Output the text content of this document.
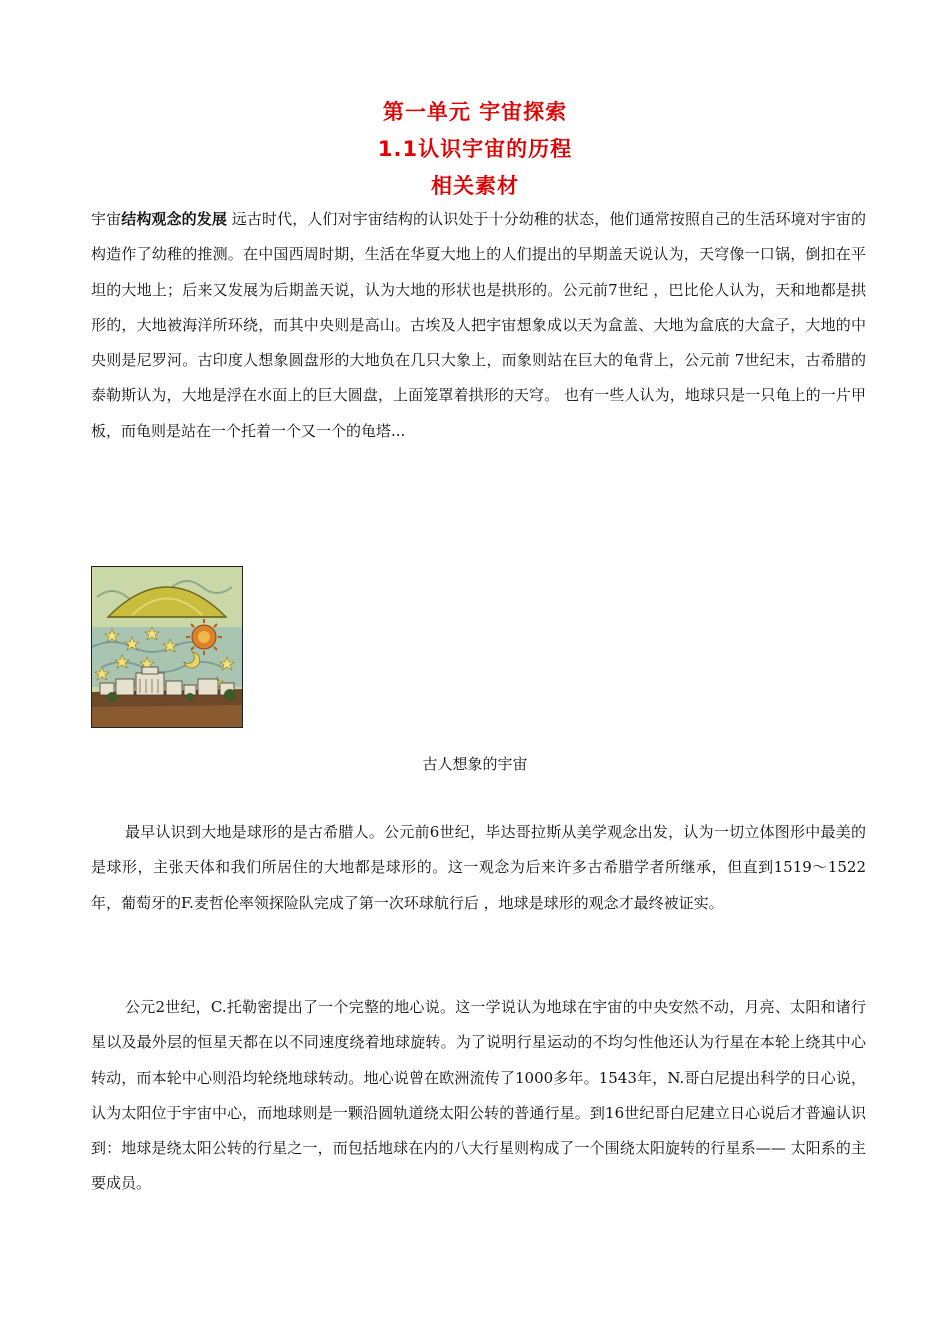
第一单元 宇宙探索
1.1认识宇宙的历程
相关素材

宇宙结构观念的发展 远古时代，人们对宇宙结构的认识处于十分幼稚的状态，他们通常按照自己的生活环境对宇宙的构造作了幼稚的推测。在中国西周时期，生活在华夏大地上的人们提出的早期盖天说认为，天穹像一口锅，倒扣在平坦的大地上；后来又发展为后期盖天说，认为大地的形状也是拱形的。公元前7世纪 ，巴比伦人认为，天和地都是拱形的，大地被海洋所环绕，而其中央则是高山。古埃及人把宇宙想象成以天为盒盖、大地为盒底的大盒子，大地的中央则是尼罗河。古印度人想象圆盘形的大地负在几只大象上，而象则站在巨大的龟背上，公元前 7世纪末，古希腊的泰勒斯认为，大地是浮在水面上的巨大圆盘，上面笼罩着拱形的天穹。 也有一些人认为，地球只是一只龟上的一片甲板，而龟则是站在一个托着一个又一个的龟塔...

古人想象的宇宙

最早认识到大地是球形的是古希腊人。公元前6世纪，毕达哥拉斯从美学观念出发，认为一切立体图形中最美的是球形，主张天体和我们所居住的大地都是球形的。这一观念为后来许多古希腊学者所继承，但直到1519～1522年，葡萄牙的F.麦哲伦率领探险队完成了第一次环球航行后 ，地球是球形的观念才最终被证实。

公元2世纪，C.托勒密提出了一个完整的地心说。这一学说认为地球在宇宙的中央安然不动，月亮、太阳和诸行星以及最外层的恒星天都在以不同速度绕着地球旋转。为了说明行星运动的不均匀性他还认为行星在本轮上绕其中心转动，而本轮中心则沿均轮绕地球转动。地心说曾在欧洲流传了1000多年。1543年，N.哥白尼提出科学的日心说，认为太阳位于宇宙中心，而地球则是一颗沿圆轨道绕太阳公转的普通行星。到16世纪哥白尼建立日心说后才普遍认识到：地球是绕太阳公转的行星之一，而包括地球在内的八大行星则构成了一个围绕太阳旋转的行星系—— 太阳系的主要成员。
